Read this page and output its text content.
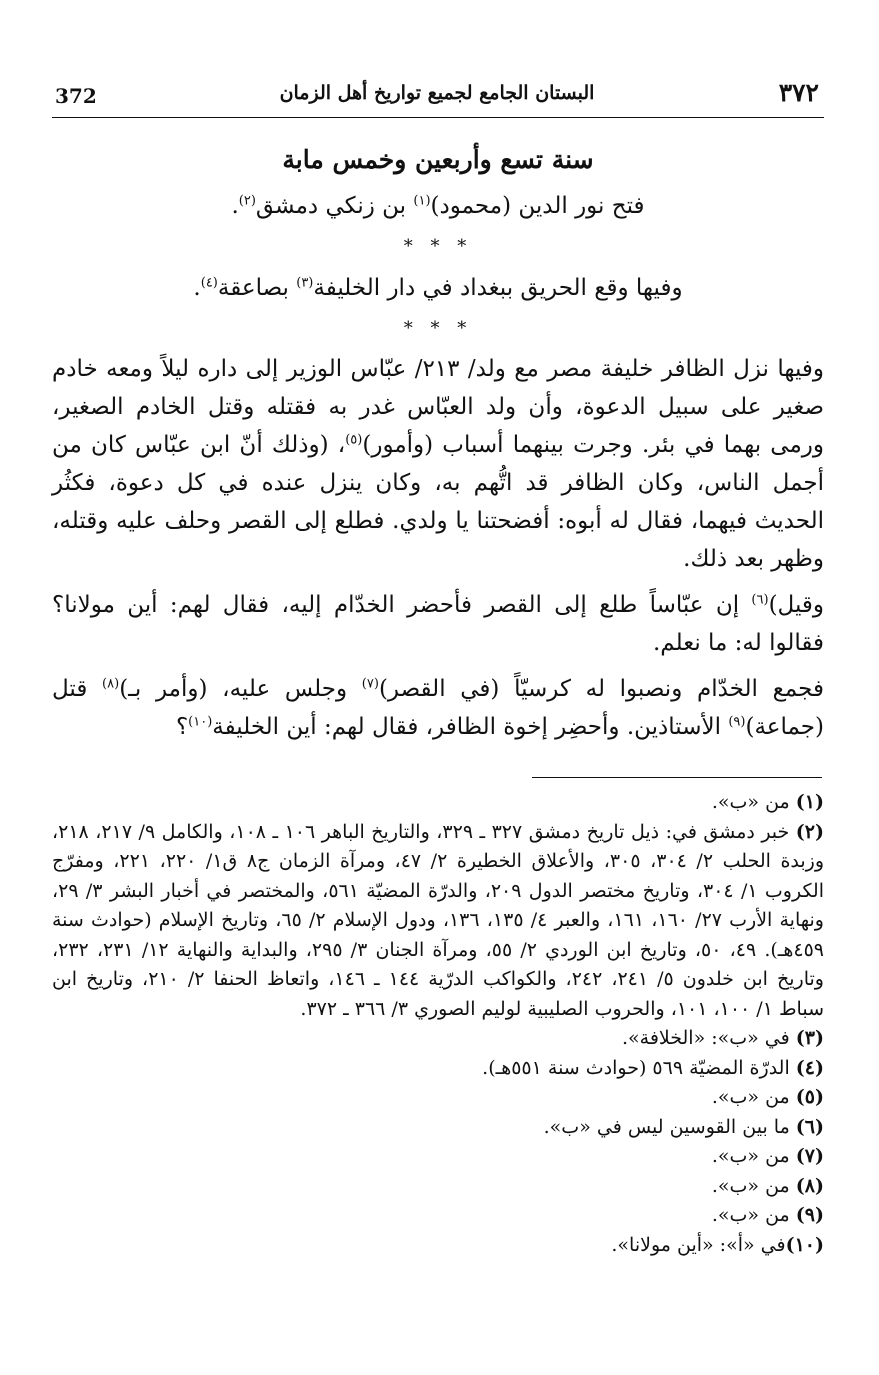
372	البستان الجامع لجميع تواريخ أهل الزمان	٣٧٢
سنة تسع وأربعين وخمس مابة

فتح نور الدين (محمود)$^{(١)}$ بن زنكي دمشق$^{(٢)}$.

* * *

وفيها وقع الحريق ببغداد في دار الخليفة$^{(٣)}$ بصاعقة$^{(٤)}$.

* * *

وفيها نزل الظافر خليفة مصر مع ولد/ ٢١٣/ عبّاس الوزير إلى داره ليلاً ومعه خادم صغير على سبيل الدعوة، وأن ولد العبّاس غدر به فقتله وقتل الخادم الصغير، ورمى بهما في بئر. وجرت بينهما أسباب (وأمور)$^{(٥)}$، (وذلك أنّ ابن عبّاس كان من أجمل الناس، وكان الظافر قد اتُّهم به، وكان ينزل عنده في كل دعوة، فكثُر الحديث فيهما، فقال له أبوه: أفضحتنا يا ولدي. فطلع إلى القصر وحلف عليه وقتله، وظهر بعد ذلك.

وقيل)$^{(٦)}$ إن عبّاساً طلع إلى القصر فأحضر الخدّام إليه، فقال لهم: أين مولانا؟ فقالوا له: ما نعلم.

فجمع الخدّام ونصبوا له كرسيّاً (في القصر)$^{(٧)}$ وجلس عليه، (وأمر بـ)$^{(٨)}$ قتل (جماعة)$^{(٩)}$ الأستاذين. وأحضِر إخوة الظافر، فقال لهم: أين الخليفة$^{(١٠)}$؟

(١) من «ب».

(٢) خبر دمشق في: ذيل تاريخ دمشق ٣٢٧ ـ ٣٢٩، والتاريخ الباهر ١٠٦ ـ ١٠٨، والكامل ٩/ ٢١٧، ٢١٨، وزبدة الحلب ٢/ ٣٠٤، ٣٠٥، والأعلاق الخطيرة ٢/ ٤٧، ومرآة الزمان ج٨ ق١/ ٢٢٠، ٢٢١، ومفرّج الكروب ١/ ٣٠٤، وتاريخ مختصر الدول ٢٠٩، والدرّة المضيّة ٥٦١، والمختصر في أخبار البشر ٣/ ٢٩، ونهاية الأرب ٢٧/ ١٦٠، ١٦١، والعبر ٤/ ١٣٥، ١٣٦، ودول الإسلام ٢/ ٦٥، وتاريخ الإسلام (حوادث سنة ٤٥٩هـ). ٤٩، ٥٠، وتاريخ ابن الوردي ٢/ ٥٥، ومرآة الجنان ٣/ ٢٩٥، والبداية والنهاية ١٢/ ٢٣١، ٢٣٢، وتاريخ ابن خلدون ٥/ ٢٤١، ٢٤٢، والكواكب الدرّية ١٤٤ ـ ١٤٦، واتعاظ الحنفا ٢/ ٢١٠، وتاريخ ابن سباط ١/ ١٠٠، ١٠١، والحروب الصليبية لوليم الصوري ٣/ ٣٦٦ ـ ٣٧٢.

(٣) في «ب»: «الخلافة».

(٤) الدرّة المضيّة ٥٦٩ (حوادث سنة ٥٥١هـ).

(٥) من «ب».

(٦) ما بين القوسين ليس في «ب».

(٧) من «ب».

(٨) من «ب».

(٩) من «ب».

(١٠)في «أ»: «أين مولانا».
